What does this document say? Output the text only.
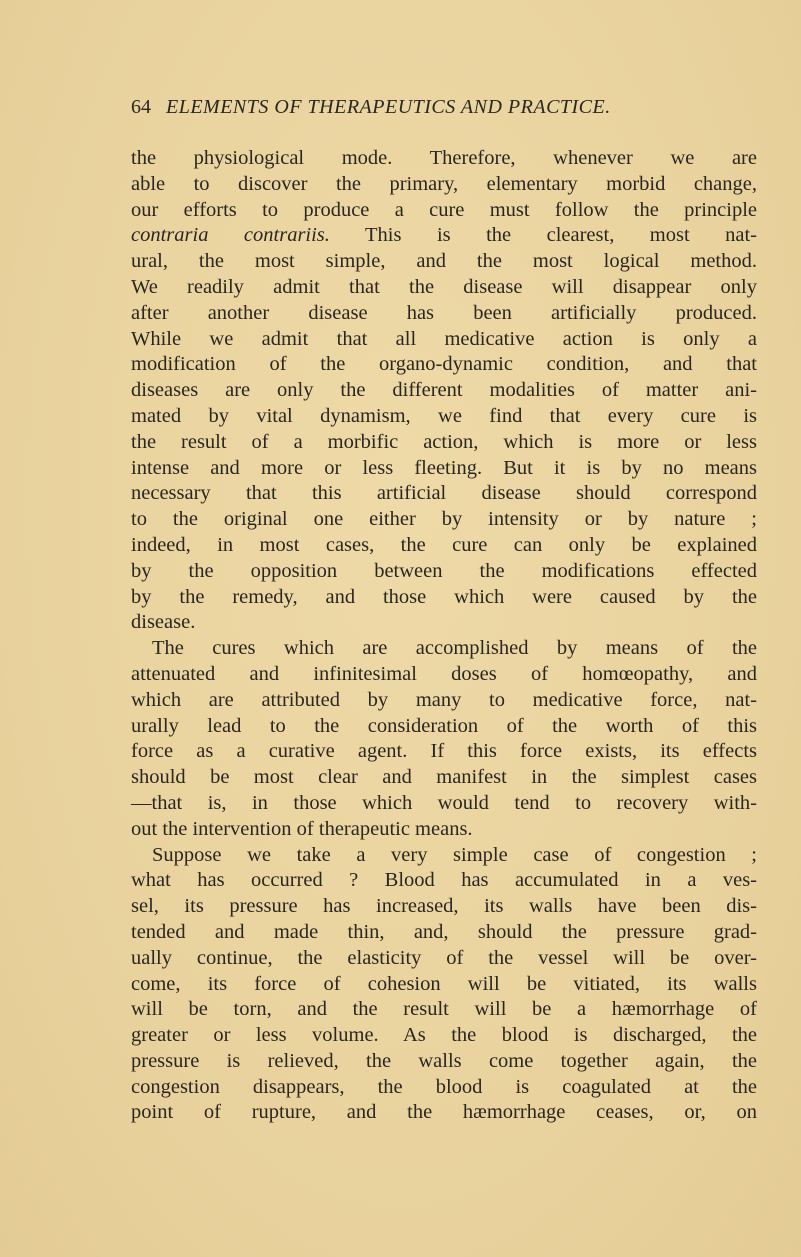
64 ELEMENTS OF THERAPEUTICS AND PRACTICE.
the physiological mode. Therefore, whenever we are
able to discover the primary, elementary morbid change,
our efforts to produce a cure must follow the principle
contraria contrariis. This is the clearest, most nat-
ural, the most simple, and the most logical method.
We readily admit that the disease will disappear only
after another disease has been artificially produced.
While we admit that all medicative action is only a
modification of the organo-dynamic condition, and that
diseases are only the different modalities of matter ani-
mated by vital dynamism, we find that every cure is
the result of a morbific action, which is more or less
intense and more or less fleeting. But it is by no means
necessary that this artificial disease should correspond
to the original one either by intensity or by nature ;
indeed, in most cases, the cure can only be explained
by the opposition between the modifications effected
by the remedy, and those which were caused by the
disease.
The cures which are accomplished by means of the
attenuated and infinitesimal doses of homœopathy, and
which are attributed by many to medicative force, nat-
urally lead to the consideration of the worth of this
force as a curative agent. If this force exists, its effects
should be most clear and manifest in the simplest cases
—that is, in those which would tend to recovery with-
out the intervention of therapeutic means.
Suppose we take a very simple case of congestion ;
what has occurred ? Blood has accumulated in a ves-
sel, its pressure has increased, its walls have been dis-
tended and made thin, and, should the pressure grad-
ually continue, the elasticity of the vessel will be over-
come, its force of cohesion will be vitiated, its walls
will be torn, and the result will be a hæmorrhage of
greater or less volume. As the blood is discharged, the
pressure is relieved, the walls come together again, the
congestion disappears, the blood is coagulated at the
point of rupture, and the hæmorrhage ceases, or, on
